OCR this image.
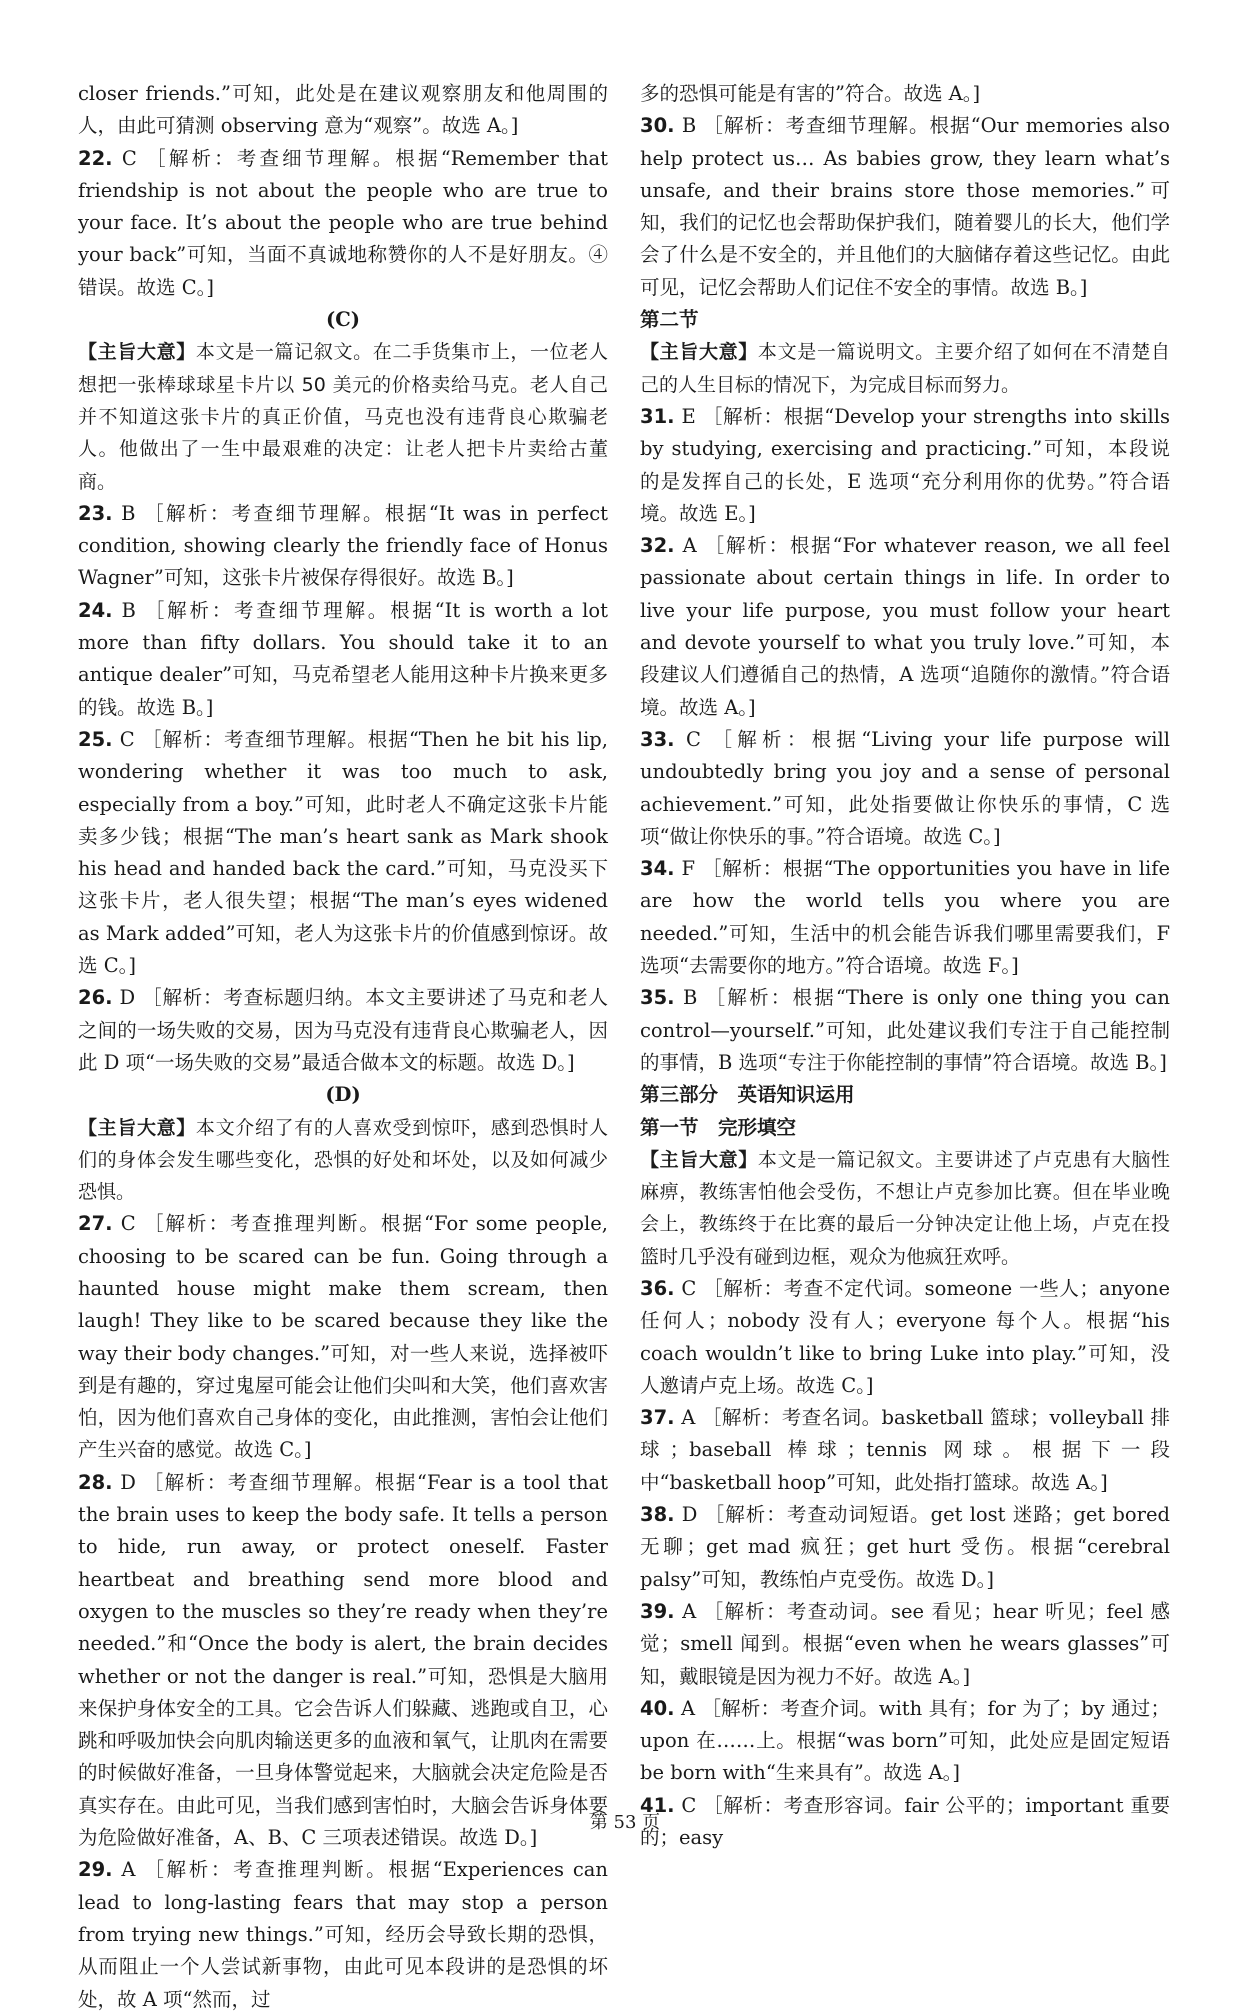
closer friends.”可知，此处是在建议观察朋友和他周围的人，由此可猜测 observing 意为“观察”。故选 A。]
22. C ［解析：考查细节理解。根据“Remember that friendship is not about the people who are true to your face. It’s about the people who are true behind your back”可知，当面不真诚地称赞你的人不是好朋友。④错误。故选 C。]
(C)
【主旨大意】本文是一篇记叙文。在二手货集市上，一位老人想把一张棒球球星卡片以 50 美元的价格卖给马克。老人自己并不知道这张卡片的真正价值，马克也没有违背良心欺骗老人。他做出了一生中最艰难的决定：让老人把卡片卖给古董商。
23. B ［解析：考查细节理解。根据“It was in perfect condition, showing clearly the friendly face of Honus Wagner”可知，这张卡片被保存得很好。故选 B。]
24. B ［解析：考查细节理解。根据“It is worth a lot more than fifty dollars. You should take it to an antique dealer”可知，马克希望老人能用这种卡片换来更多的钱。故选 B。]
25. C ［解析：考查细节理解。根据“Then he bit his lip, wondering whether it was too much to ask, especially from a boy.”可知，此时老人不确定这张卡片能卖多少钱；根据“The man’s heart sank as Mark shook his head and handed back the card.”可知，马克没买下这张卡片，老人很失望；根据“The man’s eyes widened as Mark added”可知，老人为这张卡片的价值感到惊讶。故选 C。]
26. D ［解析：考查标题归纳。本文主要讲述了马克和老人之间的一场失败的交易，因为马克没有违背良心欺骗老人，因此 D 项“一场失败的交易”最适合做本文的标题。故选 D。]
(D)
【主旨大意】本文介绍了有的人喜欢受到惊吓，感到恐惧时人们的身体会发生哪些变化，恐惧的好处和坏处，以及如何减少恐惧。
27. C ［解析：考查推理判断。根据“For some people, choosing to be scared can be fun. Going through a haunted house might make them scream, then laugh! They like to be scared because they like the way their body changes.”可知，对一些人来说，选择被吓到是有趣的，穿过鬼屋可能会让他们尖叫和大笑，他们喜欢害怕，因为他们喜欢自己身体的变化，由此推测，害怕会让他们产生兴奋的感觉。故选 C。]
28. D ［解析：考查细节理解。根据“Fear is a tool that the brain uses to keep the body safe. It tells a person to hide, run away, or protect oneself. Faster heartbeat and breathing send more blood and oxygen to the muscles so they’re ready when they’re needed.”和“Once the body is alert, the brain decides whether or not the danger is real.”可知，恐惧是大脑用来保护身体安全的工具。它会告诉人们躲藏、逃跑或自卫，心跳和呼吸加快会向肌肉输送更多的血液和氧气，让肌肉在需要的时候做好准备，一旦身体警觉起来，大脑就会决定危险是否真实存在。由此可见，当我们感到害怕时，大脑会告诉身体要为危险做好准备，A、B、C 三项表述错误。故选 D。]
29. A ［解析：考查推理判断。根据“Experiences can lead to long-lasting fears that may stop a person from trying new things.”可知，经历会导致长期的恐惧，从而阻止一个人尝试新事物，由此可见本段讲的是恐惧的坏处，故 A 项“然而，过
多的恐惧可能是有害的”符合。故选 A。]
30. B ［解析：考查细节理解。根据“Our memories also help protect us… As babies grow, they learn what’s unsafe, and their brains store those memories.”可知，我们的记忆也会帮助保护我们，随着婴儿的长大，他们学会了什么是不安全的，并且他们的大脑储存着这些记忆。由此可见，记忆会帮助人们记住不安全的事情。故选 B。]
第二节
【主旨大意】本文是一篇说明文。主要介绍了如何在不清楚自己的人生目标的情况下，为完成目标而努力。
31. E ［解析：根据“Develop your strengths into skills by studying, exercising and practicing.”可知，本段说的是发挥自己的长处，E 选项“充分利用你的优势。”符合语境。故选 E。]
32. A ［解析：根据“For whatever reason, we all feel passionate about certain things in life. In order to live your life purpose, you must follow your heart and devote yourself to what you truly love.”可知，本段建议人们遵循自己的热情，A 选项“追随你的激情。”符合语境。故选 A。]
33. C ［解析：根据“Living your life purpose will undoubtedly bring you joy and a sense of personal achievement.”可知，此处指要做让你快乐的事情，C 选项“做让你快乐的事。”符合语境。故选 C。]
34. F ［解析：根据“The opportunities you have in life are how the world tells you where you are needed.”可知，生活中的机会能告诉我们哪里需要我们，F 选项“去需要你的地方。”符合语境。故选 F。]
35. B ［解析：根据“There is only one thing you can control—yourself.”可知，此处建议我们专注于自己能控制的事情，B 选项“专注于你能控制的事情”符合语境。故选 B。]
第三部分　英语知识运用
第一节　完形填空
【主旨大意】本文是一篇记叙文。主要讲述了卢克患有大脑性麻痹，教练害怕他会受伤，不想让卢克参加比赛。但在毕业晚会上，教练终于在比赛的最后一分钟决定让他上场，卢克在投篮时几乎没有碰到边框，观众为他疯狂欢呼。
36. C ［解析：考查不定代词。someone 一些人；anyone 任何人；nobody 没有人；everyone 每个人。根据“his coach wouldn’t like to bring Luke into play.”可知，没人邀请卢克上场。故选 C。]
37. A ［解析：考查名词。basketball 篮球；volleyball 排球；baseball 棒球；tennis 网球。根据下一段中“basketball hoop”可知，此处指打篮球。故选 A。]
38. D ［解析：考查动词短语。get lost 迷路；get bored 无聊；get mad 疯狂；get hurt 受伤。根据“cerebral palsy”可知，教练怕卢克受伤。故选 D。]
39. A ［解析：考查动词。see 看见；hear 听见；feel 感觉；smell 闻到。根据“even when he wears glasses”可知，戴眼镜是因为视力不好。故选 A。]
40. A ［解析：考查介词。with 具有；for 为了；by 通过；upon 在……上。根据“was born”可知，此处应是固定短语 be born with“生来具有”。故选 A。]
41. C ［解析：考查形容词。fair 公平的；important 重要的；easy
第 53 页
